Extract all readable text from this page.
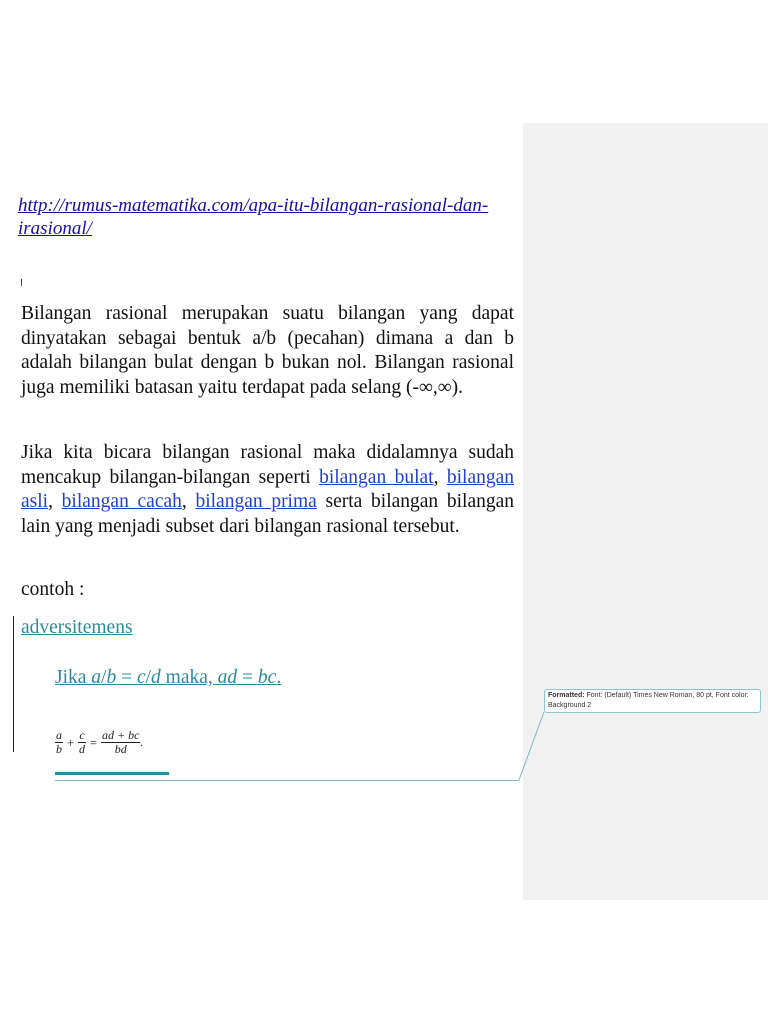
http://rumus-matematika.com/apa-itu-bilangan-rasional-dan-
irasional/

Bilangan rasional merupakan suatu bilangan yang dapat dinyatakan sebagai bentuk a/b (pecahan) dimana a dan b adalah bilangan bulat dengan b bukan nol. Bilangan rasional juga memiliki batasan yaitu terdapat pada selang (-∞,∞).

Jika kita bicara bilangan rasional maka didalamnya sudah mencakup bilangan-bilangan seperti bilangan bulat, bilangan asli, bilangan cacah, bilangan prima serta bilangan bilangan lain yang menjadi subset dari bilangan rasional tersebut.

contoh :
adversitemens
Jika a/b = c/d maka, ad = bc.
$\frac{a}{b} + \frac{c}{d} = \frac{ad + bc}{bd}$ .
Formatted: Font: (Default) Times New Roman, 80 pt, Font color: Background 2
